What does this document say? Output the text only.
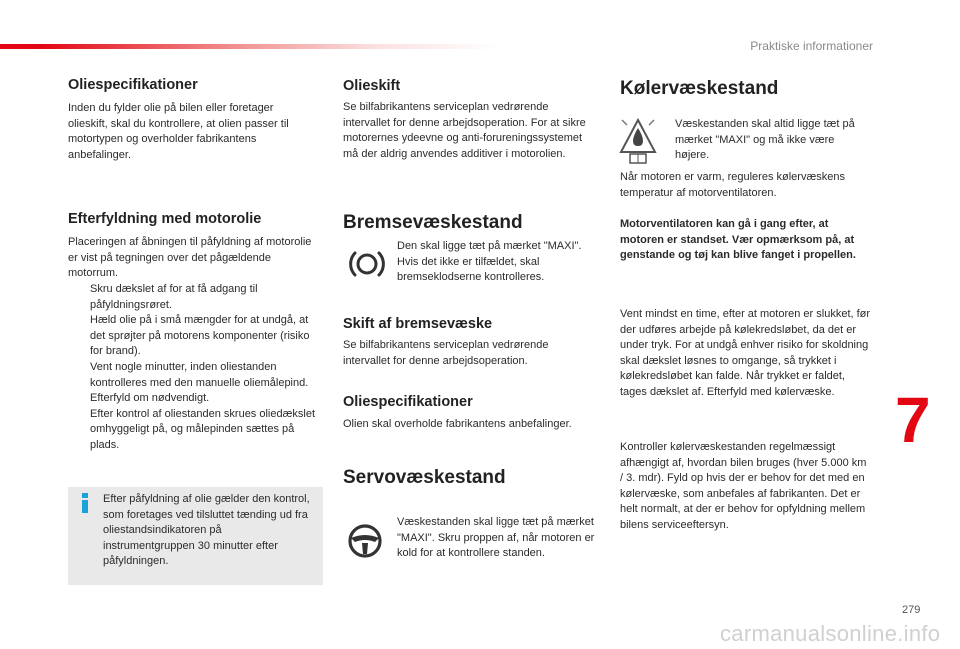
Praktiske informationer
Oliespecifikationer

Inden du fylder olie på bilen eller foretager olieskift, skal du kontrollere, at olien passer til motortypen og overholder fabrikantens anbefalinger.

Efterfyldning med motorolie

Placeringen af åbningen til påfyldning af motorolie er vist på tegningen over det pågældende motorrum.

Skru dækslet af for at få adgang til påfyldningsrøret.
Hæld olie på i små mængder for at undgå, at det sprøjter på motorens komponenter (risiko for brand).
Vent nogle minutter, inden oliestanden kontrolleres med den manuelle oliemålepind.
Efterfyld om nødvendigt.
Efter kontrol af oliestanden skrues oliedækslet omhyggeligt på, og målepinden sættes på plads.
Efter påfyldning af olie gælder den kontrol, som foretages ved tilsluttet tænding ud fra oliestandsindikatoren på instrumentgruppen 30 minutter efter påfyldningen.
Olieskift

Se bilfabrikantens serviceplan vedrørende intervallet for denne arbejdsoperation. For at sikre motorernes ydeevne og anti-forureningssystemet må der aldrig anvendes additiver i motorolien.

Bremsevæskestand

Den skal ligge tæt på mærket "MAXI". Hvis det ikke er tilfældet, skal bremseklodserne kontrolleres.

Skift af bremsevæske

Se bilfabrikantens serviceplan vedrørende intervallet for denne arbejdsoperation.

Oliespecifikationer

Olien skal overholde fabrikantens anbefalinger.

Servovæskestand

Væskestanden skal ligge tæt på mærket "MAXI". Skru proppen af, når motoren er kold for at kontrollere standen.

Kølervæskestand

Væskestanden skal altid ligge tæt på mærket "MAXI" og må ikke være højere.

Når motoren er varm, reguleres kølervæskens temperatur af motorventilatoren.

Motorventilatoren kan gå i gang efter, at motoren er standset. Vær opmærksom på, at genstande og tøj kan blive fanget i propellen.

Vent mindst en time, efter at motoren er slukket, før der udføres arbejde på kølekredsløbet, da det er under tryk. For at undgå enhver risiko for skoldning skal dækslet løsnes to omgange, så trykket i kølekredsløbet kan falde. Når trykket er faldet, tages dækslet af. Efterfyld med kølervæske.

Kontroller kølervæskestanden regelmæssigt afhængigt af, hvordan bilen bruges (hver 5.000 km / 3. mdr). Fyld op hvis der er behov for det med en kølervæske, som anbefales af fabrikanten. Det er helt normalt, at der er behov for opfyldning mellem bilens serviceeftersyn.

7
279
carmanualsonline.info
